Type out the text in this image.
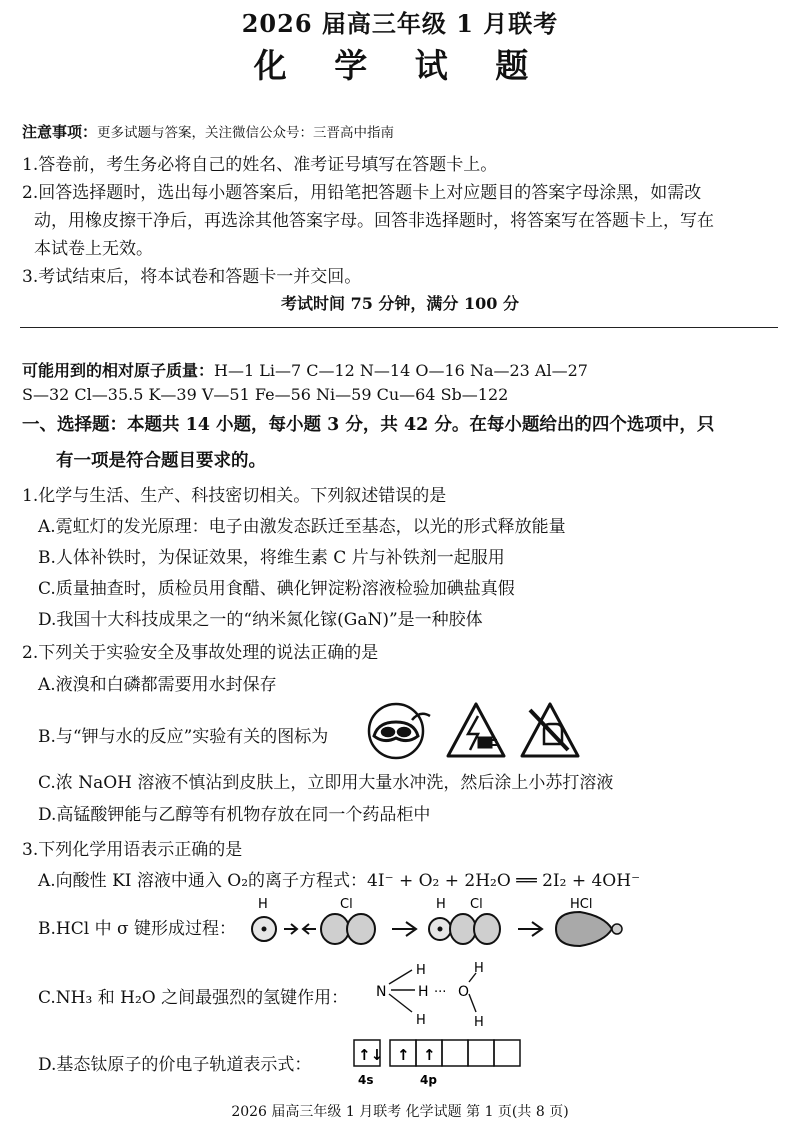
2026 届高三年级 1 月联考
化 学 试 题
注意事项：更多试题与答案，关注微信公众号：三晋高中指南
1.答卷前，考生务必将自己的姓名、准考证号填写在答题卡上。
2.回答选择题时，选出每小题答案后，用铅笔把答题卡上对应题目的答案字母涂黑，如需改
动，用橡皮擦干净后，再选涂其他答案字母。回答非选择题时，将答案写在答题卡上，写在
本试卷上无效。
3.考试结束后，将本试卷和答题卡一并交回。
考试时间 75 分钟，满分 100 分
可能用到的相对原子质量：H—1 Li—7 C—12 N—14 O—16 Na—23 Al—27
S—32 Cl—35.5 K—39 V—51 Fe—56 Ni—59 Cu—64 Sb—122
一、选择题：本题共 14 小题，每小题 3 分，共 42 分。在每小题给出的四个选项中，只
有一项是符合题目要求的。
1.化学与生活、生产、科技密切相关。下列叙述错误的是
A.霓虹灯的发光原理：电子由激发态跃迁至基态，以光的形式释放能量
B.人体补铁时，为保证效果，将维生素 C 片与补铁剂一起服用
C.质量抽查时，质检员用食醋、碘化钾淀粉溶液检验加碘盐真假
D.我国十大科技成果之一的“纳米氮化镓(GaN)”是一种胶体
2.下列关于实验安全及事故处理的说法正确的是
A.液溴和白磷都需要用水封保存
B.与“钾与水的反应”实验有关的图标为
C.浓 NaOH 溶液不慎沾到皮肤上，立即用大量水冲洗，然后涂上小苏打溶液
D.高锰酸钾能与乙醇等有机物存放在同一个药品柜中
3.下列化学用语表示正确的是
A.向酸性 KI 溶液中通入 O₂的离子方程式：4I⁻ + O₂ + 2H₂O ══ 2I₂ + 4OH⁻
B.HCl 中 σ 键形成过程：
H	Cl	H Cl	HCl
C.NH₃ 和 H₂O 之间最强烈的氢键作用： N
H
H
H ··· O
H
H
D.基态钛原子的价电子轨道表示式：	↑↓ ↑ ↑
4s	4p
2026 届高三年级 1 月联考 化学试题 第 1 页(共 8 页)
